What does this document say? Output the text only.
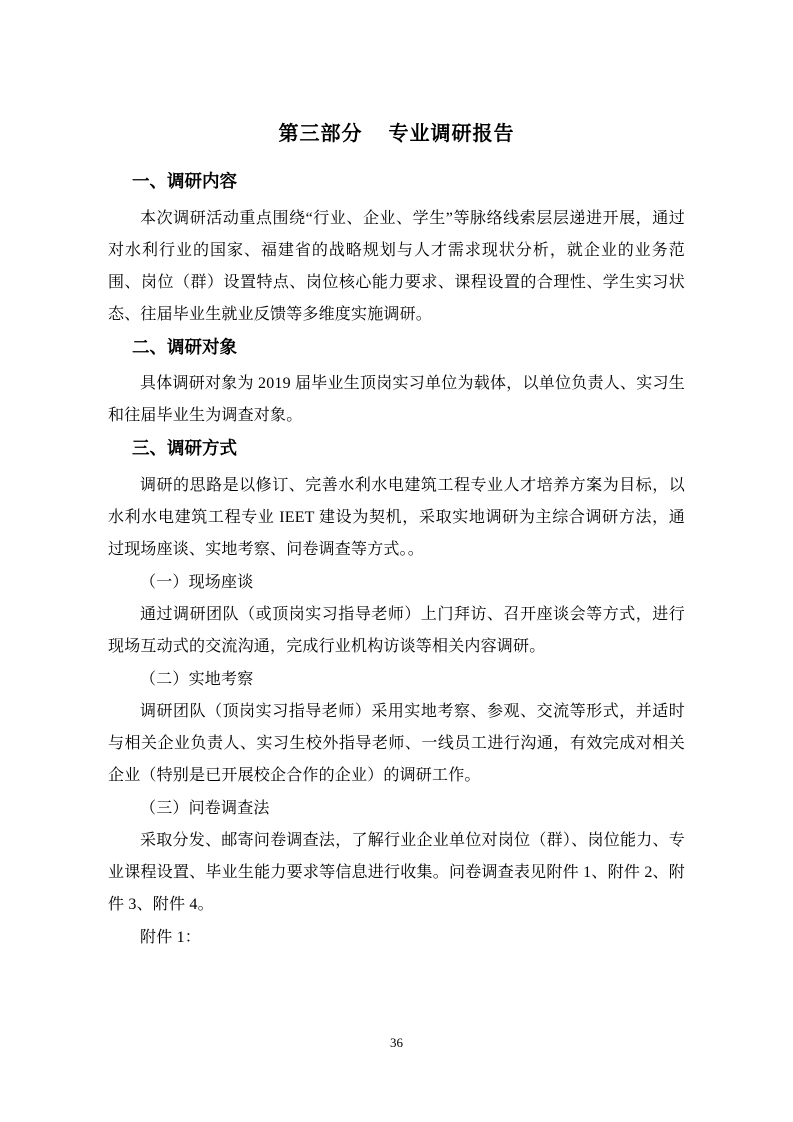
第三部分 专业调研报告
一、调研内容

本次调研活动重点围绕“行业、企业、学生”等脉络线索层层递进开展，通过对水利行业的国家、福建省的战略规划与人才需求现状分析，就企业的业务范围、岗位（群）设置特点、岗位核心能力要求、课程设置的合理性、学生实习状态、往届毕业生就业反馈等多维度实施调研。

二、调研对象

具体调研对象为 2019 届毕业生顶岗实习单位为载体，以单位负责人、实习生和往届毕业生为调查对象。

三、调研方式

调研的思路是以修订、完善水利水电建筑工程专业人才培养方案为目标，以水利水电建筑工程专业 IEET 建设为契机，采取实地调研为主综合调研方法，通过现场座谈、实地考察、问卷调查等方式。。

（一）现场座谈

通过调研团队（或顶岗实习指导老师）上门拜访、召开座谈会等方式，进行现场互动式的交流沟通，完成行业机构访谈等相关内容调研。

（二）实地考察

调研团队（顶岗实习指导老师）采用实地考察、参观、交流等形式，并适时与相关企业负责人、实习生校外指导老师、一线员工进行沟通，有效完成对相关企业（特别是已开展校企合作的企业）的调研工作。

（三）问卷调查法

采取分发、邮寄问卷调查法，了解行业企业单位对岗位（群）、岗位能力、专业课程设置、毕业生能力要求等信息进行收集。问卷调查表见附件 1、附件 2、附件 3、附件 4。

附件 1：

36
